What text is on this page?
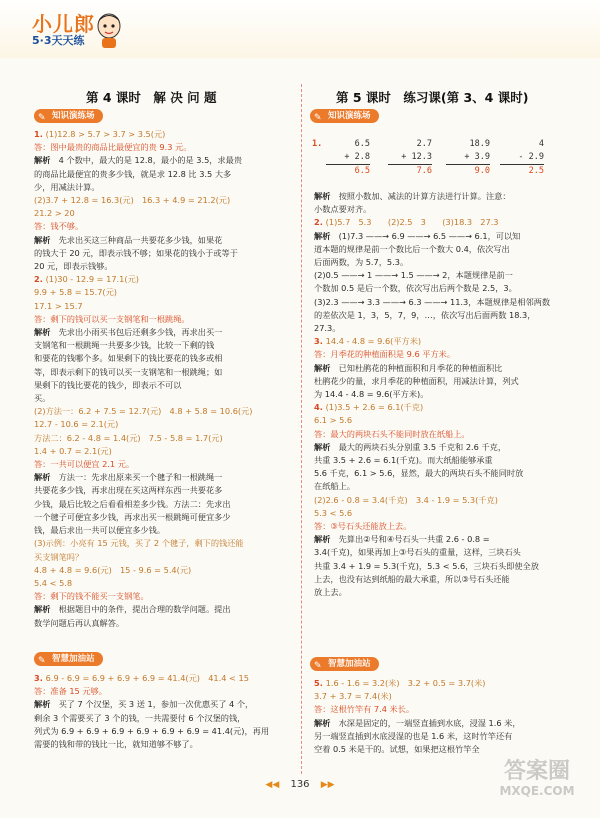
小儿郎
5·3天天练
第 4 课时　解 决 问 题	第 5 课时　练习课(第 3、4 课时)
✎ 知识演练场

1. (1)12.8 > 5.7 > 3.7 > 3.5(元)

答：图中最贵的商品比最便宜的贵 9.3 元。

解析　4 个数中，最大的是 12.8，最小的是 3.5，求最贵

的商品比最便宜的贵多少钱，就是求 12.8 比 3.5 大多

少，用减法计算。

(2)3.7 + 12.8 = 16.3(元)　16.3 + 4.9 = 21.2(元)

21.2 > 20

答：钱不够。

解析　先求出买这三种商品一共要花多少钱，如果花

的钱大于 20 元，即表示钱不够；如果花的钱小于或等于

20 元，即表示钱够。

2. (1)30 - 12.9 = 17.1(元)

9.9 + 5.8 = 15.7(元)

17.1 > 15.7

答：剩下的钱可以买一支钢笔和一根跳绳。

解析　先求出小雨买书包后还剩多少钱，再求出买一

支钢笔和一根跳绳一共要多少钱，比较一下剩的钱

和要花的钱哪个多。如果剩下的钱比要花的钱多或相

等，即表示剩下的钱可以买一支钢笔和一根跳绳；如

果剩下的钱比要花的钱少，即表示不可以

买。

(2)方法一：6.2 + 7.5 = 12.7(元)　4.8 + 5.8 = 10.6(元)

12.7 - 10.6 = 2.1(元)

方法二：6.2 - 4.8 = 1.4(元)　7.5 - 5.8 = 1.7(元)

1.4 + 0.7 = 2.1(元)

答：一共可以便宜 2.1 元。

解析　方法一：先求出原来买一个毽子和一根跳绳一

共要花多少钱，再求出现在买这两样东西一共要花多

少钱，最后比较之后看看相差多少钱。方法二：先求出

一个毽子可便宜多少钱，再求出买一根跳绳可便宜多少

钱，最后求出一共可以便宜多少钱。

(3)示例：小亮有 15 元钱，买了 2 个毽子，剩下的钱还能

买支钢笔吗？

4.8 + 4.8 = 9.6(元)　15 - 9.6 = 5.4(元)

5.4 < 5.8

答：剩下的钱不能买一支钢笔。

解析　根据题目中的条件，提出合理的数学问题。提出

数学问题后再认真解答。

✎ 智慧加油站

3. 6.9 - 6.9 = 6.9 + 6.9 + 6.9 = 41.4(元)　41.4 < 15

答：准备 15 元够。

解析　买了 7 个汉堡，买 3 送 1，参加一次优惠买了 4 个，

剩余 3 个需要买了 3 个的钱，一共需要付 6 个汉堡的钱，

列式为 6.9 + 6.9 + 6.9 + 6.9 + 6.9 + 6.9 = 41.4(元)，再用

需要的钱和带的钱比一比，就知道够不够了。

✎ 知识演练场
1.	6.5
+ 2.8
6.5
2.7
+ 12.3
7.6
18.9
+ 3.9
9.0
4
- 2.9
2.5

解析　按照小数加、减法的计算方法进行计算。注意：

小数点要对齐。

2. (1)5.7　5.3　　(2)2.5　3　　(3)18.3　27.3

解析　(1)7.3 ——→ 6.9 ——→ 6.5 ——→ 6.1，可以知

道本题的规律是前一个数比后一个数大 0.4，依次写出

后面两数，为 5.7，5.3。

(2)0.5 ——→ 1 ——→ 1.5 ——→ 2，本题规律是前一

个数加 0.5 是后一个数，依次写出后两个数是 2.5，3。

(3)2.3 ——→ 3.3 ——→ 6.3 ——→ 11.3，本题规律是相邻两数

的差依次是 1，3，5，7，9，…，依次写出后面两数 18.3，

27.3。

3. 14.4 - 4.8 = 9.6(平方米)

答：月季花的种植面积是 9.6 平方米。

解析　已知杜鹃花的种植面积和月季花的种植面积比

杜鹃花少的量，求月季花的种植面积，用减法计算，列式

为 14.4 - 4.8 = 9.6(平方米)。

4. (1)3.5 + 2.6 = 6.1(千克)

6.1 > 5.6

答：最大的两块石头不能同时放在纸船上。

解析　最大的两块石头分别重 3.5 千克和 2.6 千克，

共重 3.5 + 2.6 = 6.1(千克)。而大纸船能够承重

5.6 千克，6.1 > 5.6，显然，最大的两块石头不能同时放

在纸船上。

(2)2.6 - 0.8 = 3.4(千克)　3.4 - 1.9 = 5.3(千克)

5.3 < 5.6

答：③号石头还能放上去。

解析　先算出②号和④号石头一共重 2.6 - 0.8 =

3.4(千克)，如果再加上③号石头的重量，这样，三块石头

共重 3.4 + 1.9 = 5.3(千克)，5.3 < 5.6，三块石头即使全放

上去，也没有达到纸船的最大承重，所以③号石头还能

放上去。

✎ 智慧加油站

5. 1.6 - 1.6 = 3.2(米)　3.2 + 0.5 = 3.7(米)

3.7 + 3.7 = 7.4(米)

答：这根竹竿有 7.4 米长。

解析　水深是固定的，一端竖直插到水底，浸湿 1.6 米，

另一端竖直插到水底浸湿的也是 1.6 米，这时竹竿还有

空着 0.5 米是干的。试想，如果把这根竹竿全

◀◀ 136 ▶▶
答案圈
MXQE.COM
